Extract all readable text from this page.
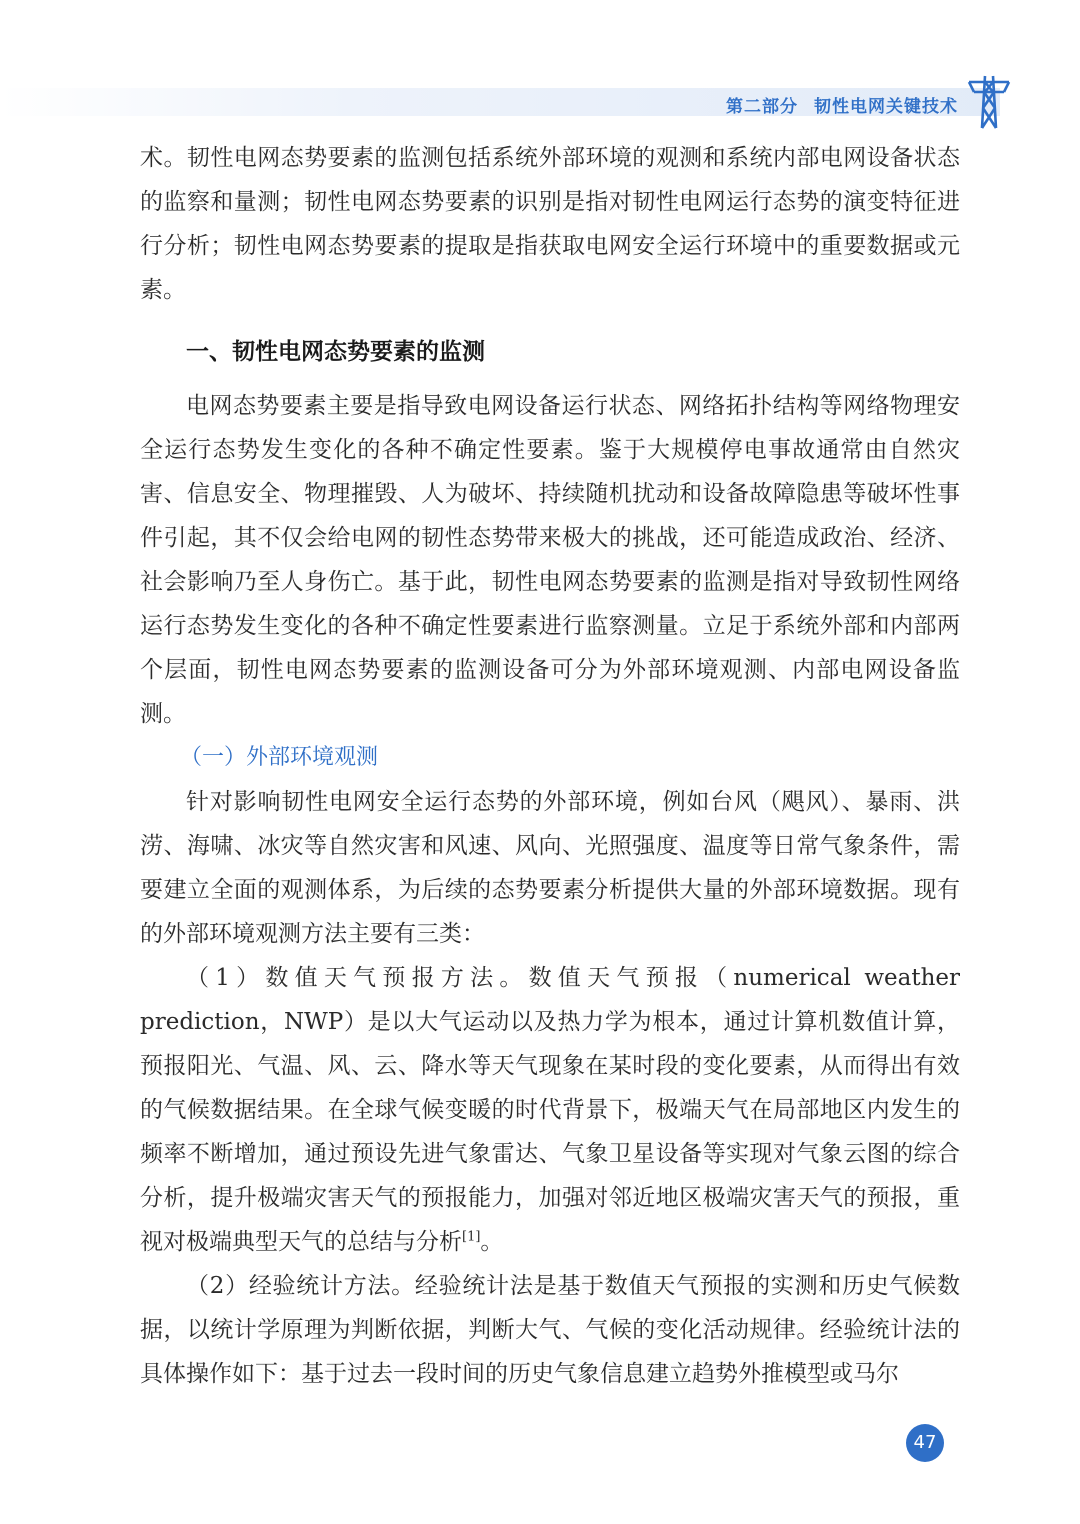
第二部分 韧性电网关键技术

术。韧性电网态势要素的监测包括系统外部环境的观测和系统内部电网设备状态的监察和量测；韧性电网态势要素的识别是指对韧性电网运行态势的演变特征进行分析；韧性电网态势要素的提取是指获取电网安全运行环境中的重要数据或元素。

一、韧性电网态势要素的监测

电网态势要素主要是指导致电网设备运行状态、网络拓扑结构等网络物理安全运行态势发生变化的各种不确定性要素。鉴于大规模停电事故通常由自然灾害、信息安全、物理摧毁、人为破坏、持续随机扰动和设备故障隐患等破坏性事件引起，其不仅会给电网的韧性态势带来极大的挑战，还可能造成政治、经济、社会影响乃至人身伤亡。基于此，韧性电网态势要素的监测是指对导致韧性网络运行态势发生变化的各种不确定性要素进行监察测量。立足于系统外部和内部两个层面，韧性电网态势要素的监测设备可分为外部环境观测、内部电网设备监测。

（一）外部环境观测

针对影响韧性电网安全运行态势的外部环境，例如台风（飓风）、暴雨、洪涝、海啸、冰灾等自然灾害和风速、风向、光照强度、温度等日常气象条件，需要建立全面的观测体系，为后续的态势要素分析提供大量的外部环境数据。现有的外部环境观测方法主要有三类：

（1）数值天气预报方法。数值天气预报（numerical weather prediction，NWP）是以大气运动以及热力学为根本，通过计算机数值计算，预报阳光、气温、风、云、降水等天气现象在某时段的变化要素，从而得出有效的气候数据结果。在全球气候变暖的时代背景下，极端天气在局部地区内发生的频率不断增加，通过预设先进气象雷达、气象卫星设备等实现对气象云图的综合分析，提升极端灾害天气的预报能力，加强对邻近地区极端灾害天气的预报，重视对极端典型天气的总结与分析[1]。

（2）经验统计方法。经验统计法是基于数值天气预报的实测和历史气候数据，以统计学原理为判断依据，判断大气、气候的变化活动规律。经验统计法的具体操作如下：基于过去一段时间的历史气象信息建立趋势外推模型或马尔

47
